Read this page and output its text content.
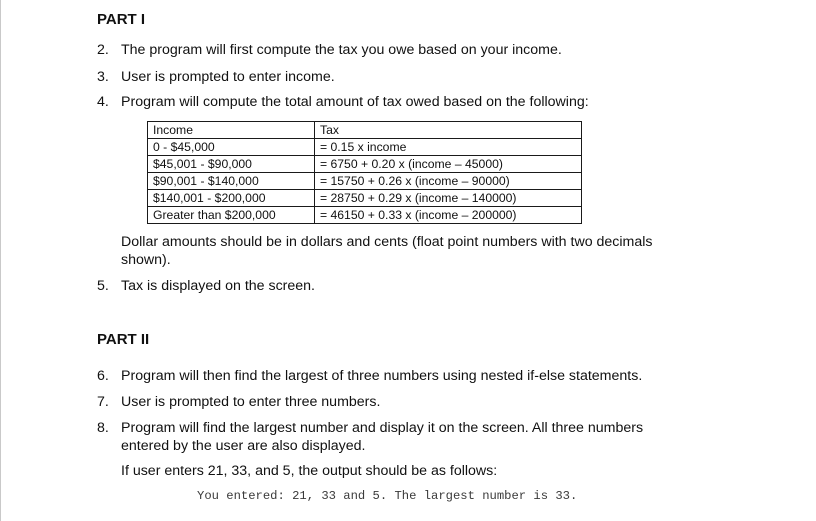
PART I
2. The program will first compute the tax you owe based on your income.
3. User is prompted to enter income.
4. Program will compute the total amount of tax owed based on the following:
Income	Tax
0 - $45,000	= 0.15 x income
$45,001 - $90,000	= 6750 + 0.20 x (income – 45000)
$90,001 - $140,000	= 15750 + 0.26 x (income – 90000)
$140,001 - $200,000	= 28750 + 0.29 x (income – 140000)
Greater than $200,000	= 46150 + 0.33 x (income – 200000)
Dollar amounts should be in dollars and cents (float point numbers with two decimals shown).
5. Tax is displayed on the screen.
PART II
6. Program will then find the largest of three numbers using nested if-else statements.
7. User is prompted to enter three numbers.
8. Program will find the largest number and display it on the screen. All three numbers entered by the user are also displayed.
If user enters 21, 33, and 5, the output should be as follows:
You entered: 21, 33 and 5. The largest number is 33.
